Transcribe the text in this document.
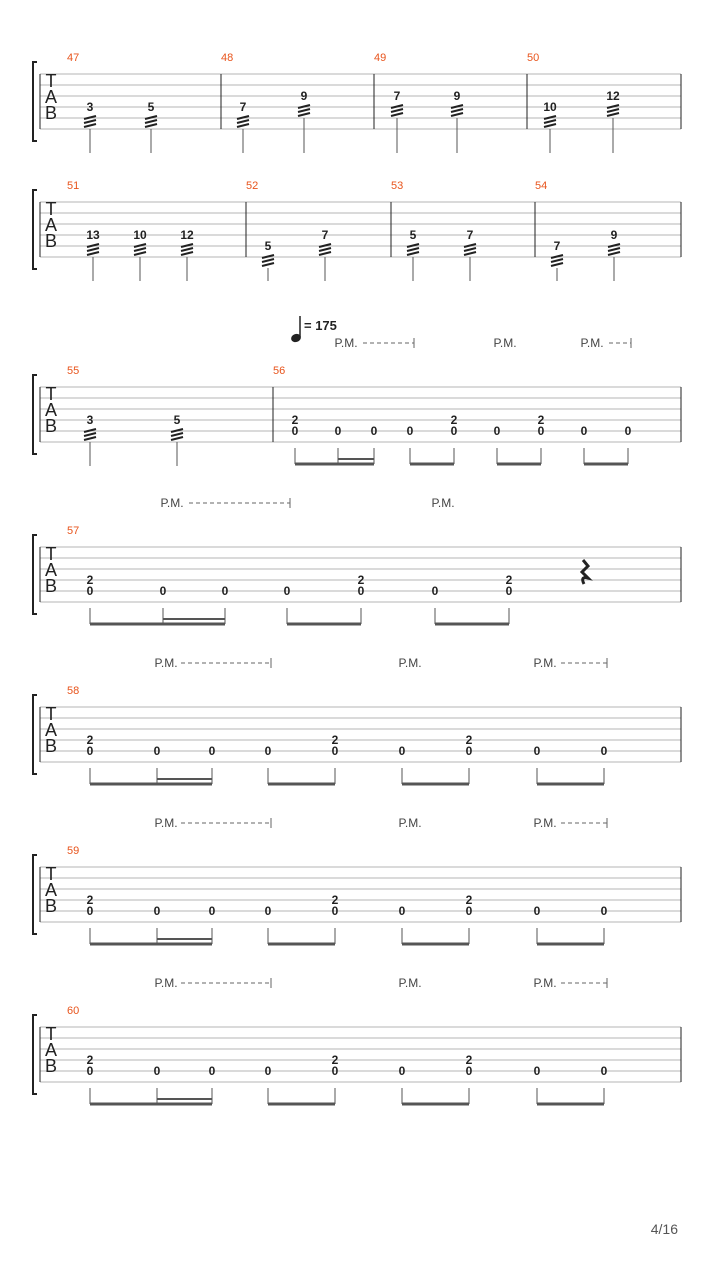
T
A
B
47
3	5
48
7
9
49
7	9
50
10
12
T
A
B
51
13	10	12
52
5
7
53
5	7
54
7
9
T
A
B
55
3	5
56
2
0	0 0 0
2
0	0
2
0	0	0
P.M.	P.M.	P.M.
T
A
B
57
2
0	0	0	0
2
0	0
2
0
P.M.	P.M.
T
A
B
58
2
0	0	0	0
2
0	0
2
0	0	0
P.M.	P.M.	P.M.
T
A
B
59
2
0	0	0	0
2
0	0
2
0	0	0
P.M.	P.M.	P.M.
T
A
B
60
2
0	0	0	0
2
0	0
2
0	0	0
P.M.	P.M.	P.M.
= 175
4/16
